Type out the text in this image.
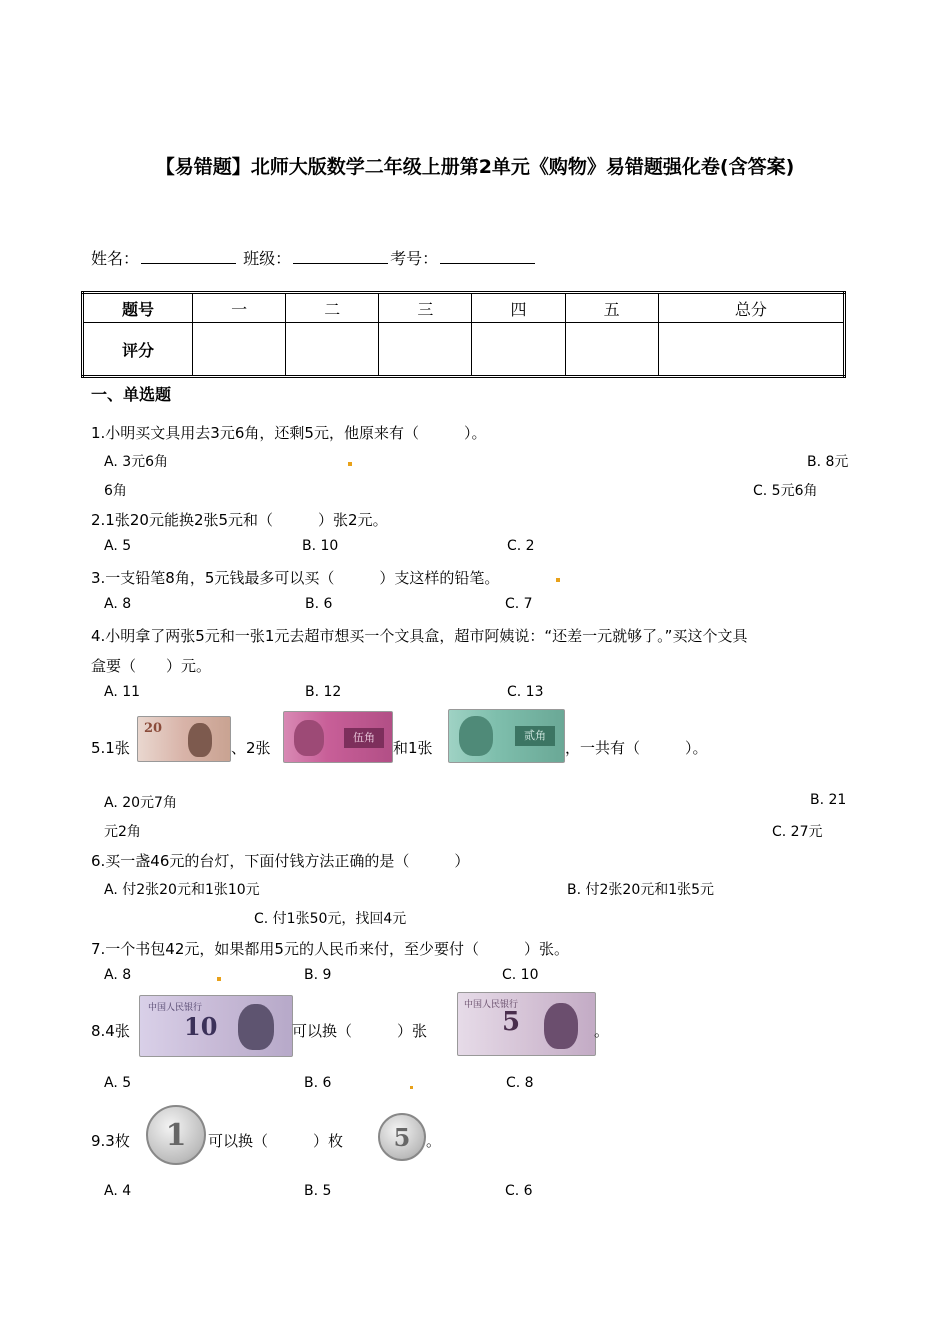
【易错题】北师大版数学二年级上册第2单元《购物》易错题强化卷(含答案)
姓名：	班级：	考号：
题号	一	二	三	四	五	总分
评分						
一、单选题
1.小明买文具用去3元6角，还剩5元，他原来有（　　　）。
A. 3元6角	B. 8元
6角	C. 5元6角
2.1张20元能换2张5元和（　　　）张2元。
A. 5	B. 10	C. 2
3.一支铅笔8角，5元钱最多可以买（　　　）支这样的铅笔。
A. 8	B. 6	C. 7
4.小明拿了两张5元和一张1元去超市想买一个文具盒，超市阿姨说：“还差一元就够了。”买这个文具
盒要（　　）元。
A. 11	B. 12	C. 13
5.1张
20
、2张
伍角
和1张
贰角
，一共有（　　　）。
A. 20元7角	B. 21
元2角	C. 27元
6.买一盏46元的台灯，下面付钱方法正确的是（　　　）
A. 付2张20元和1张10元	B. 付2张20元和1张5元
C. 付1张50元，找回4元
7.一个书包42元，如果都用5元的人民币来付，至少要付（　　　）张。
A. 8	B. 9	C. 10
8.4张
中国人民银行
10	可以换（　　　）张
中国人民银行
5	。
A. 5	B. 6	C. 8
9.3枚	1	可以换（　　　）枚	5	。
A. 4	B. 5	C. 6
